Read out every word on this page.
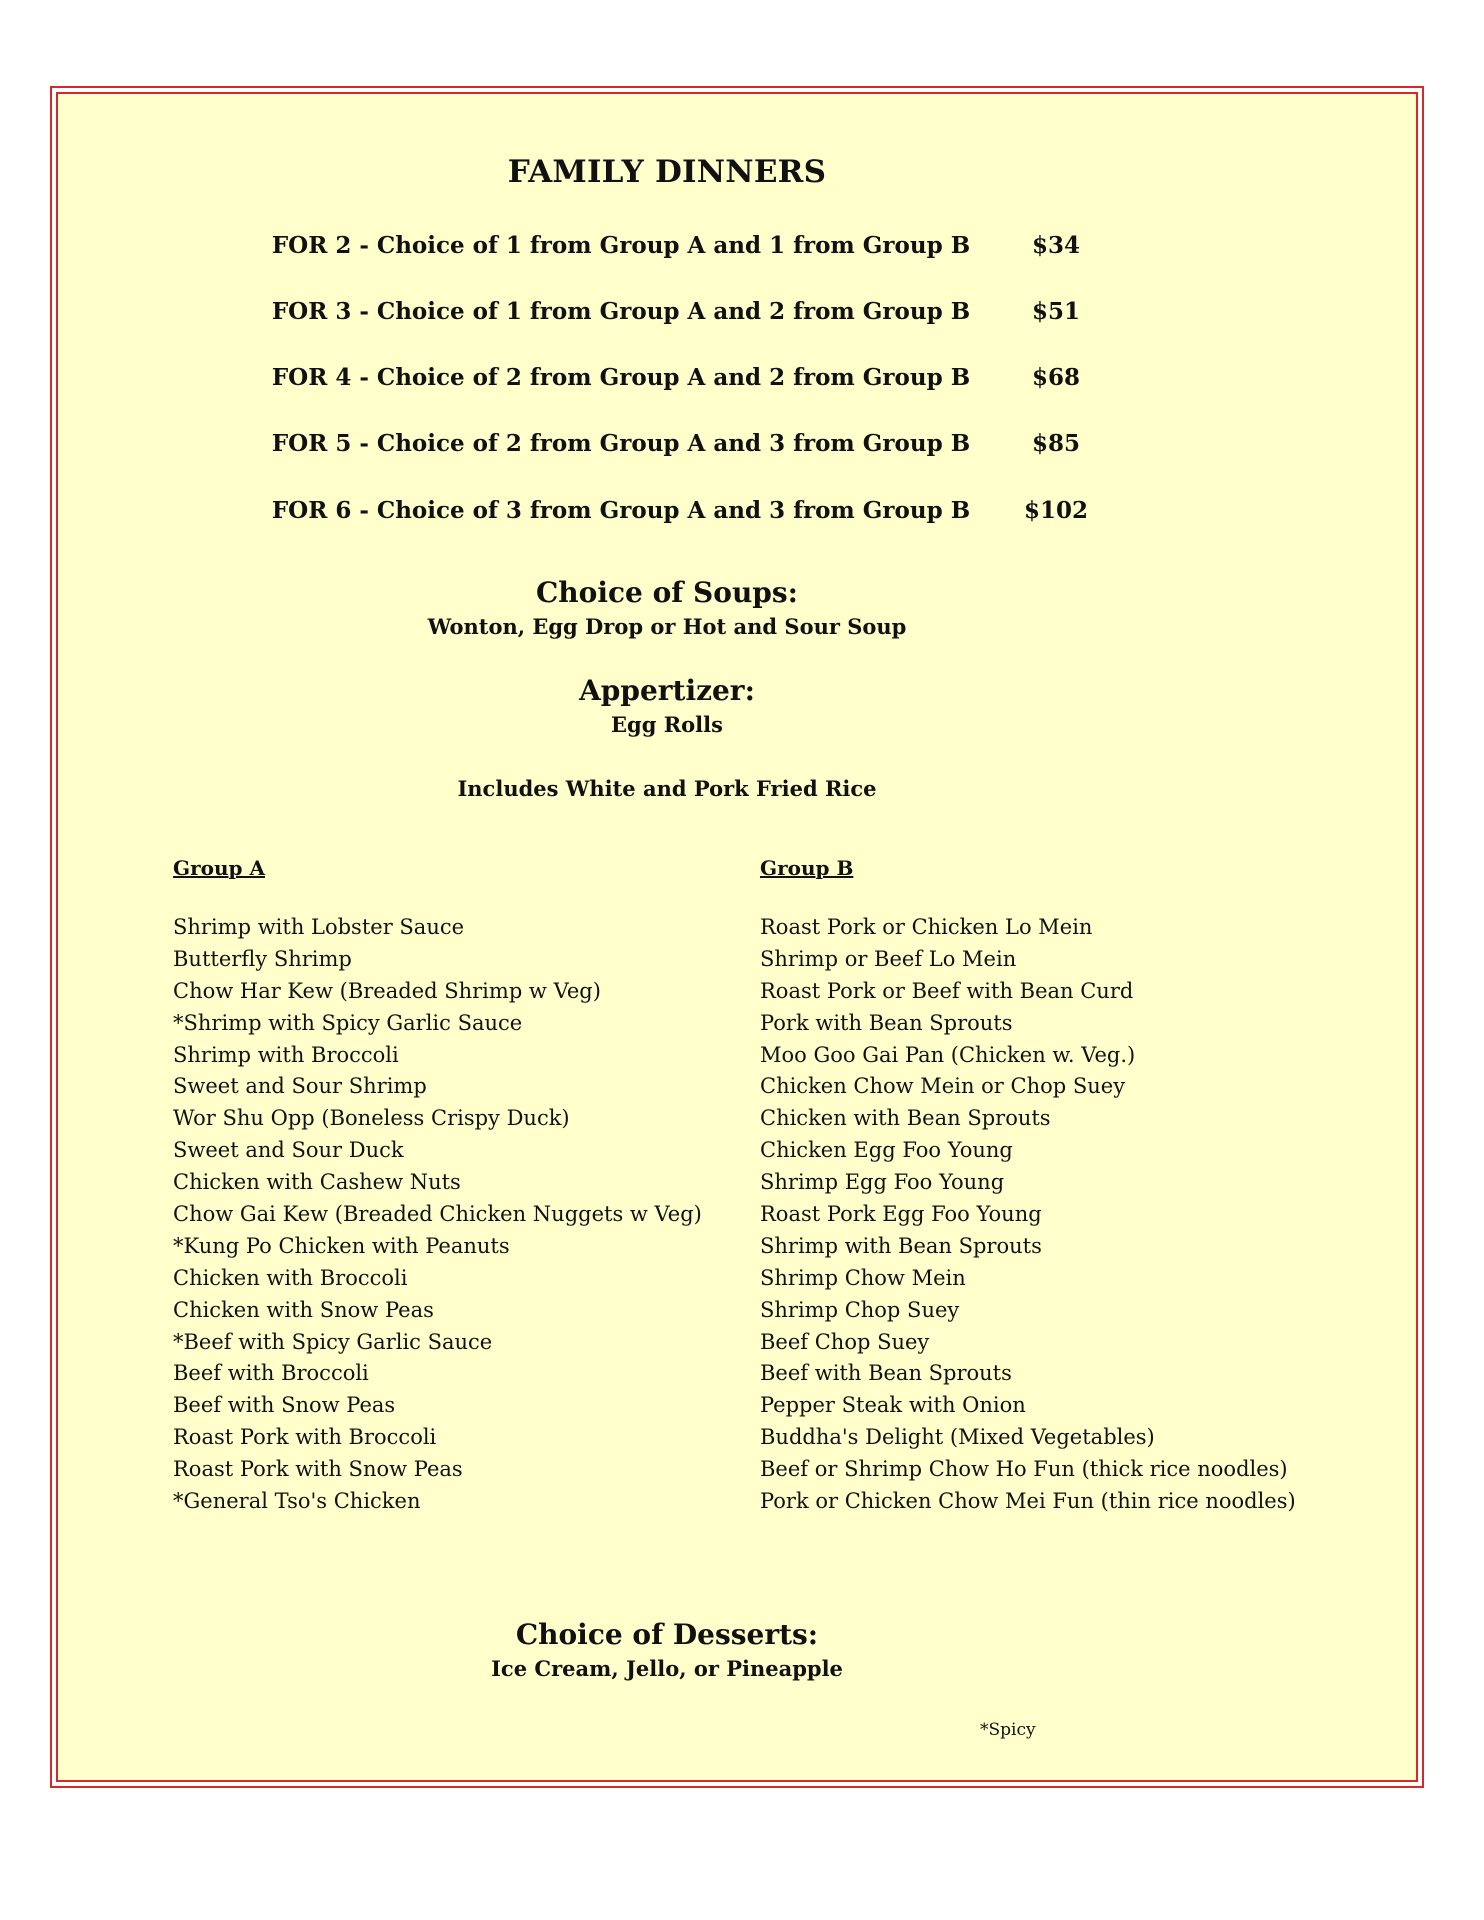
FAMILY DINNERS
FOR 2 - Choice of 1 from Group A and 1 from Group B	$34
FOR 3 - Choice of 1 from Group A and 2 from Group B	$51
FOR 4 - Choice of 2 from Group A and 2 from Group B	$68
FOR 5 - Choice of 2 from Group A and 3 from Group B	$85
FOR 6 - Choice of 3 from Group A and 3 from Group B	$102
Choice of Soups:

Wonton, Egg Drop or Hot and Sour Soup

Appertizer:

Egg Rolls

Includes White and Pork Fried Rice

Group A
Shrimp with Lobster Sauce
Butterfly Shrimp
Chow Har Kew (Breaded Shrimp w Veg)
*Shrimp with Spicy Garlic Sauce
Shrimp with Broccoli
Sweet and Sour Shrimp
Wor Shu Opp (Boneless Crispy Duck)
Sweet and Sour Duck
Chicken with Cashew Nuts
Chow Gai Kew (Breaded Chicken Nuggets w Veg)
*Kung Po Chicken with Peanuts
Chicken with Broccoli
Chicken with Snow Peas
*Beef with Spicy Garlic Sauce
Beef with Broccoli
Beef with Snow Peas
Roast Pork with Broccoli
Roast Pork with Snow Peas
*General Tso's Chicken
Group B
Roast Pork or Chicken Lo Mein
Shrimp or Beef Lo Mein
Roast Pork or Beef with Bean Curd
Pork with Bean Sprouts
Moo Goo Gai Pan (Chicken w. Veg.)
Chicken Chow Mein or Chop Suey
Chicken with Bean Sprouts
Chicken Egg Foo Young
Shrimp Egg Foo Young
Roast Pork Egg Foo Young
Shrimp with Bean Sprouts
Shrimp Chow Mein
Shrimp Chop Suey
Beef Chop Suey
Beef with Bean Sprouts
Pepper Steak with Onion
Buddha's Delight (Mixed Vegetables)
Beef or Shrimp Chow Ho Fun (thick rice noodles)
Pork or Chicken Chow Mei Fun (thin rice noodles)
Choice of Desserts:

Ice Cream, Jello, or Pineapple

*Spicy
